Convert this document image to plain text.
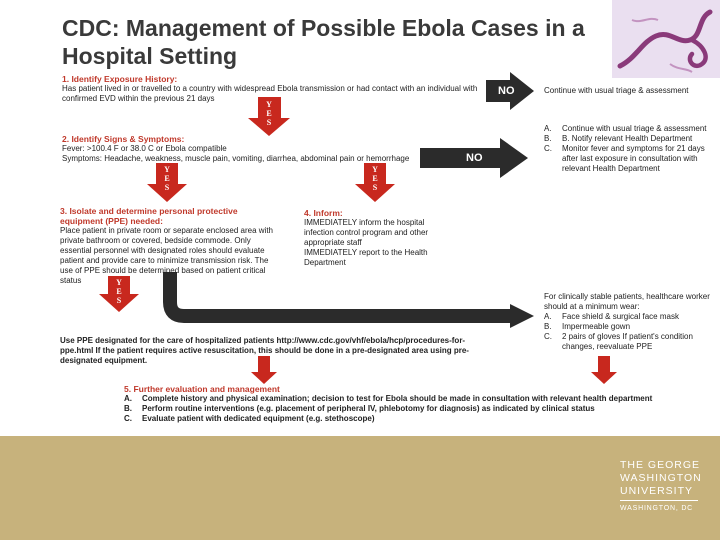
CDC: Management of Possible Ebola Cases in a Hospital Setting
Y
E
S
Y
E
S
Y
E
S
Y
E
S
NO
NO
1. Identify Exposure History:
Has patient lived in or travelled to a country with widespread Ebola transmission or had contact with an individual with confirmed EVD within the previous 21 days
Continue with usual triage & assessment
2. Identify Signs & Symptoms:
Fever: >100.4 F or 38.0 C or Ebola compatible
Symptoms: Headache, weakness, muscle pain, vomiting, diarrhea, abdominal pain or hemorrhage
A.	Continue with usual triage & assessment
B.	B. Notify relevant Health Department
C.	Monitor fever and symptoms for 21 days after last exposure in consultation with relevant Health Department
3. Isolate and determine personal protective equipment (PPE) needed:
Place patient in private room or separate enclosed area with private bathroom or covered, bedside commode. Only essential personnel with designated roles should evaluate patient and provide care to minimize transmission risk. The use of PPE should be determined based on patient critical status
4. Inform:
IMMEDIATELY inform the hospital infection control program and other appropriate staff
IMMEDIATELY report to the Health Department
For clinically stable patients, healthcare worker should at a minimum wear:
A.	Face shield & surgical face mask
B.	Impermeable gown
C.	2 pairs of gloves If patient's condition changes, reevaluate PPE
Use PPE designated for the care of hospitalized patients http://www.cdc.gov/vhf/ebola/hcp/procedures-for-ppe.html If the patient requires active resuscitation, this should be done in a pre-designated area using pre-designated equipment.
5. Further evaluation and management
A.	Complete history and physical examination; decision to test for Ebola should be made in consultation with relevant health department
B.	Perform routine interventions (e.g. placement of peripheral IV, phlebotomy for diagnosis) as indicated by clinical status
C.	Evaluate patient with dedicated equipment (e.g. stethoscope)
THE GEORGE
WASHINGTON
UNIVERSITY
WASHINGTON, DC
